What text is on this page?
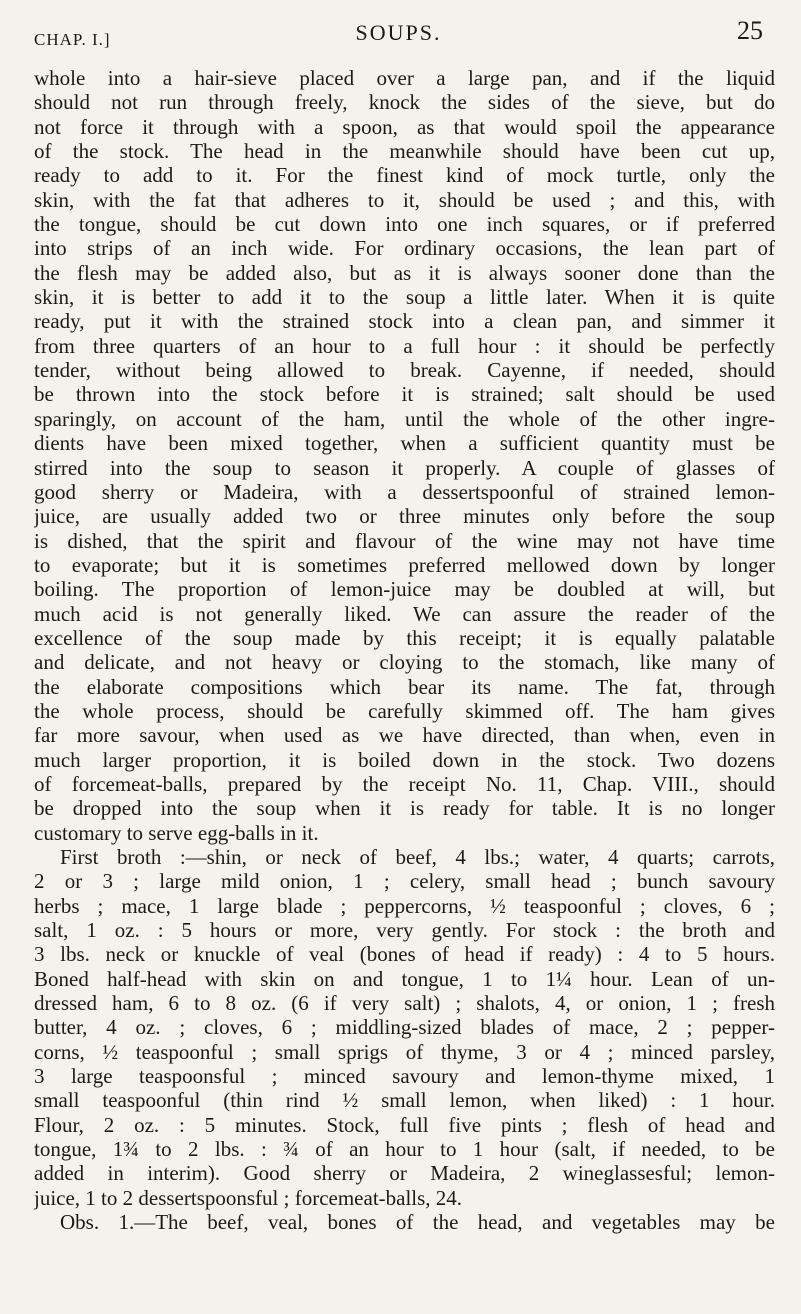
CHAP. I.]	SOUPS.	25
whole into a hair-sieve placed over a large pan, and if the liquid
should not run through freely, knock the sides of the sieve, but do
not force it through with a spoon, as that would spoil the appearance
of the stock. The head in the meanwhile should have been cut up,
ready to add to it. For the finest kind of mock turtle, only the
skin, with the fat that adheres to it, should be used ; and this, with
the tongue, should be cut down into one inch squares, or if preferred
into strips of an inch wide. For ordinary occasions, the lean part of
the flesh may be added also, but as it is always sooner done than the
skin, it is better to add it to the soup a little later. When it is quite
ready, put it with the strained stock into a clean pan, and simmer it
from three quarters of an hour to a full hour : it should be perfectly
tender, without being allowed to break. Cayenne, if needed, should
be thrown into the stock before it is strained; salt should be used
sparingly, on account of the ham, until the whole of the other ingre-
dients have been mixed together, when a sufficient quantity must be
stirred into the soup to season it properly. A couple of glasses of
good sherry or Madeira, with a dessertspoonful of strained lemon-
juice, are usually added two or three minutes only before the soup
is dished, that the spirit and flavour of the wine may not have time
to evaporate; but it is sometimes preferred mellowed down by longer
boiling. The proportion of lemon-juice may be doubled at will, but
much acid is not generally liked. We can assure the reader of the
excellence of the soup made by this receipt; it is equally palatable
and delicate, and not heavy or cloying to the stomach, like many of
the elaborate compositions which bear its name. The fat, through
the whole process, should be carefully skimmed off. The ham gives
far more savour, when used as we have directed, than when, even in
much larger proportion, it is boiled down in the stock. Two dozens
of forcemeat-balls, prepared by the receipt No. 11, Chap. VIII., should
be dropped into the soup when it is ready for table. It is no longer
customary to serve egg-balls in it.
First broth :—shin, or neck of beef, 4 lbs.; water, 4 quarts; carrots,
2 or 3 ; large mild onion, 1 ; celery, small head ; bunch savoury
herbs ; mace, 1 large blade ; peppercorns, ½ teaspoonful ; cloves, 6 ;
salt, 1 oz. : 5 hours or more, very gently. For stock : the broth and
3 lbs. neck or knuckle of veal (bones of head if ready) : 4 to 5 hours.
Boned half-head with skin on and tongue, 1 to 1¼ hour. Lean of un-
dressed ham, 6 to 8 oz. (6 if very salt) ; shalots, 4, or onion, 1 ; fresh
butter, 4 oz. ; cloves, 6 ; middling-sized blades of mace, 2 ; pepper-
corns, ½ teaspoonful ; small sprigs of thyme, 3 or 4 ; minced parsley,
3 large teaspoonsful ; minced savoury and lemon-thyme mixed, 1
small teaspoonful (thin rind ½ small lemon, when liked) : 1 hour.
Flour, 2 oz. : 5 minutes. Stock, full five pints ; flesh of head and
tongue, 1¾ to 2 lbs. : ¾ of an hour to 1 hour (salt, if needed, to be
added in interim). Good sherry or Madeira, 2 wineglassesful; lemon-
juice, 1 to 2 dessertspoonsful ; forcemeat-balls, 24.
Obs. 1.—The beef, veal, bones of the head, and vegetables may be
